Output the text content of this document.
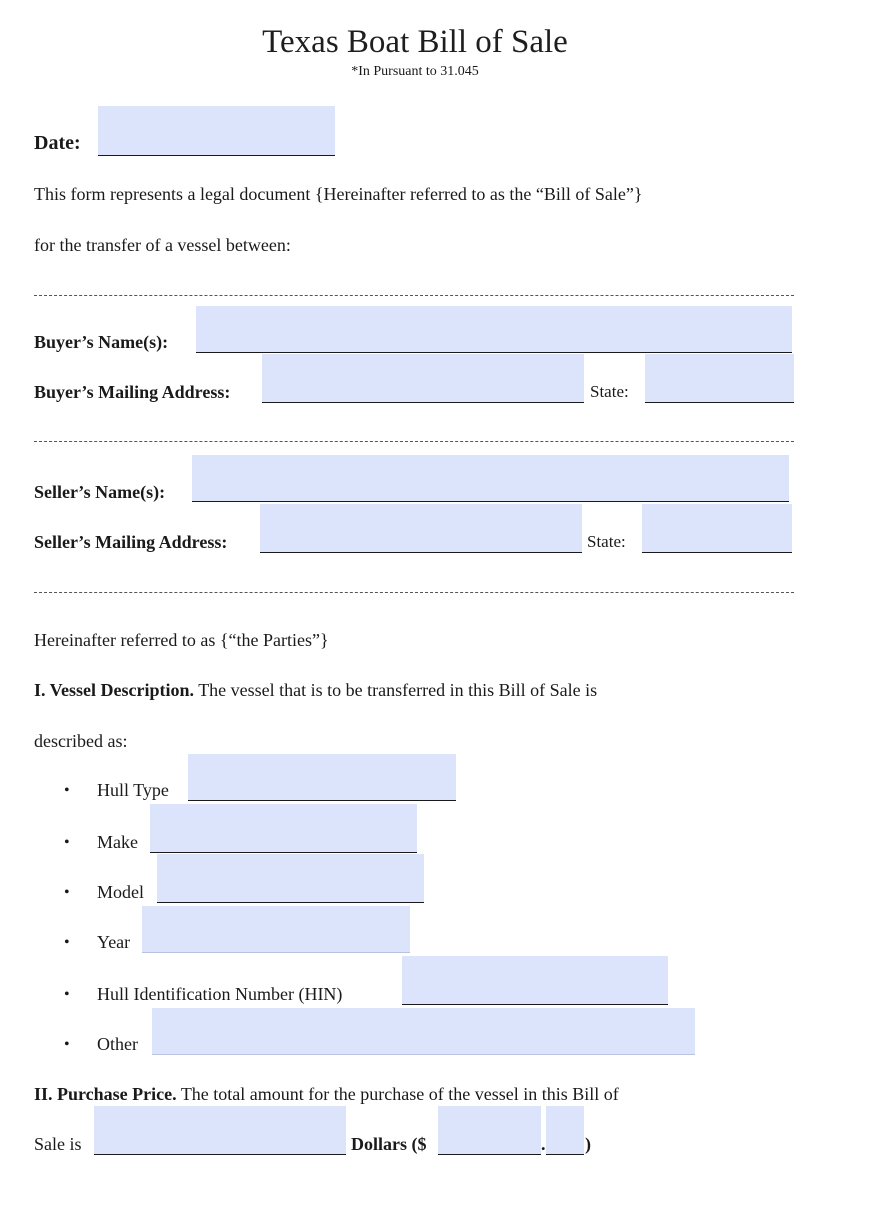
Texas Boat Bill of Sale
*In Pursuant to 31.045
Date:
This form represents a legal document {Hereinafter referred to as the “Bill of Sale”}
for the transfer of a vessel between:
Buyer’s Name(s):
Buyer’s Mailing Address:	State:
Seller’s Name(s):
Seller’s Mailing Address:	State:
Hereinafter referred to as {“the Parties”}
I. Vessel Description. The vessel that is to be transferred in this Bill of Sale is
described as:
• Hull Type
• Make
• Model
• Year
• Hull Identification Number (HIN)
• Other
II. Purchase Price. The total amount for the purchase of the vessel in this Bill of
Sale is	Dollars ($	. )
